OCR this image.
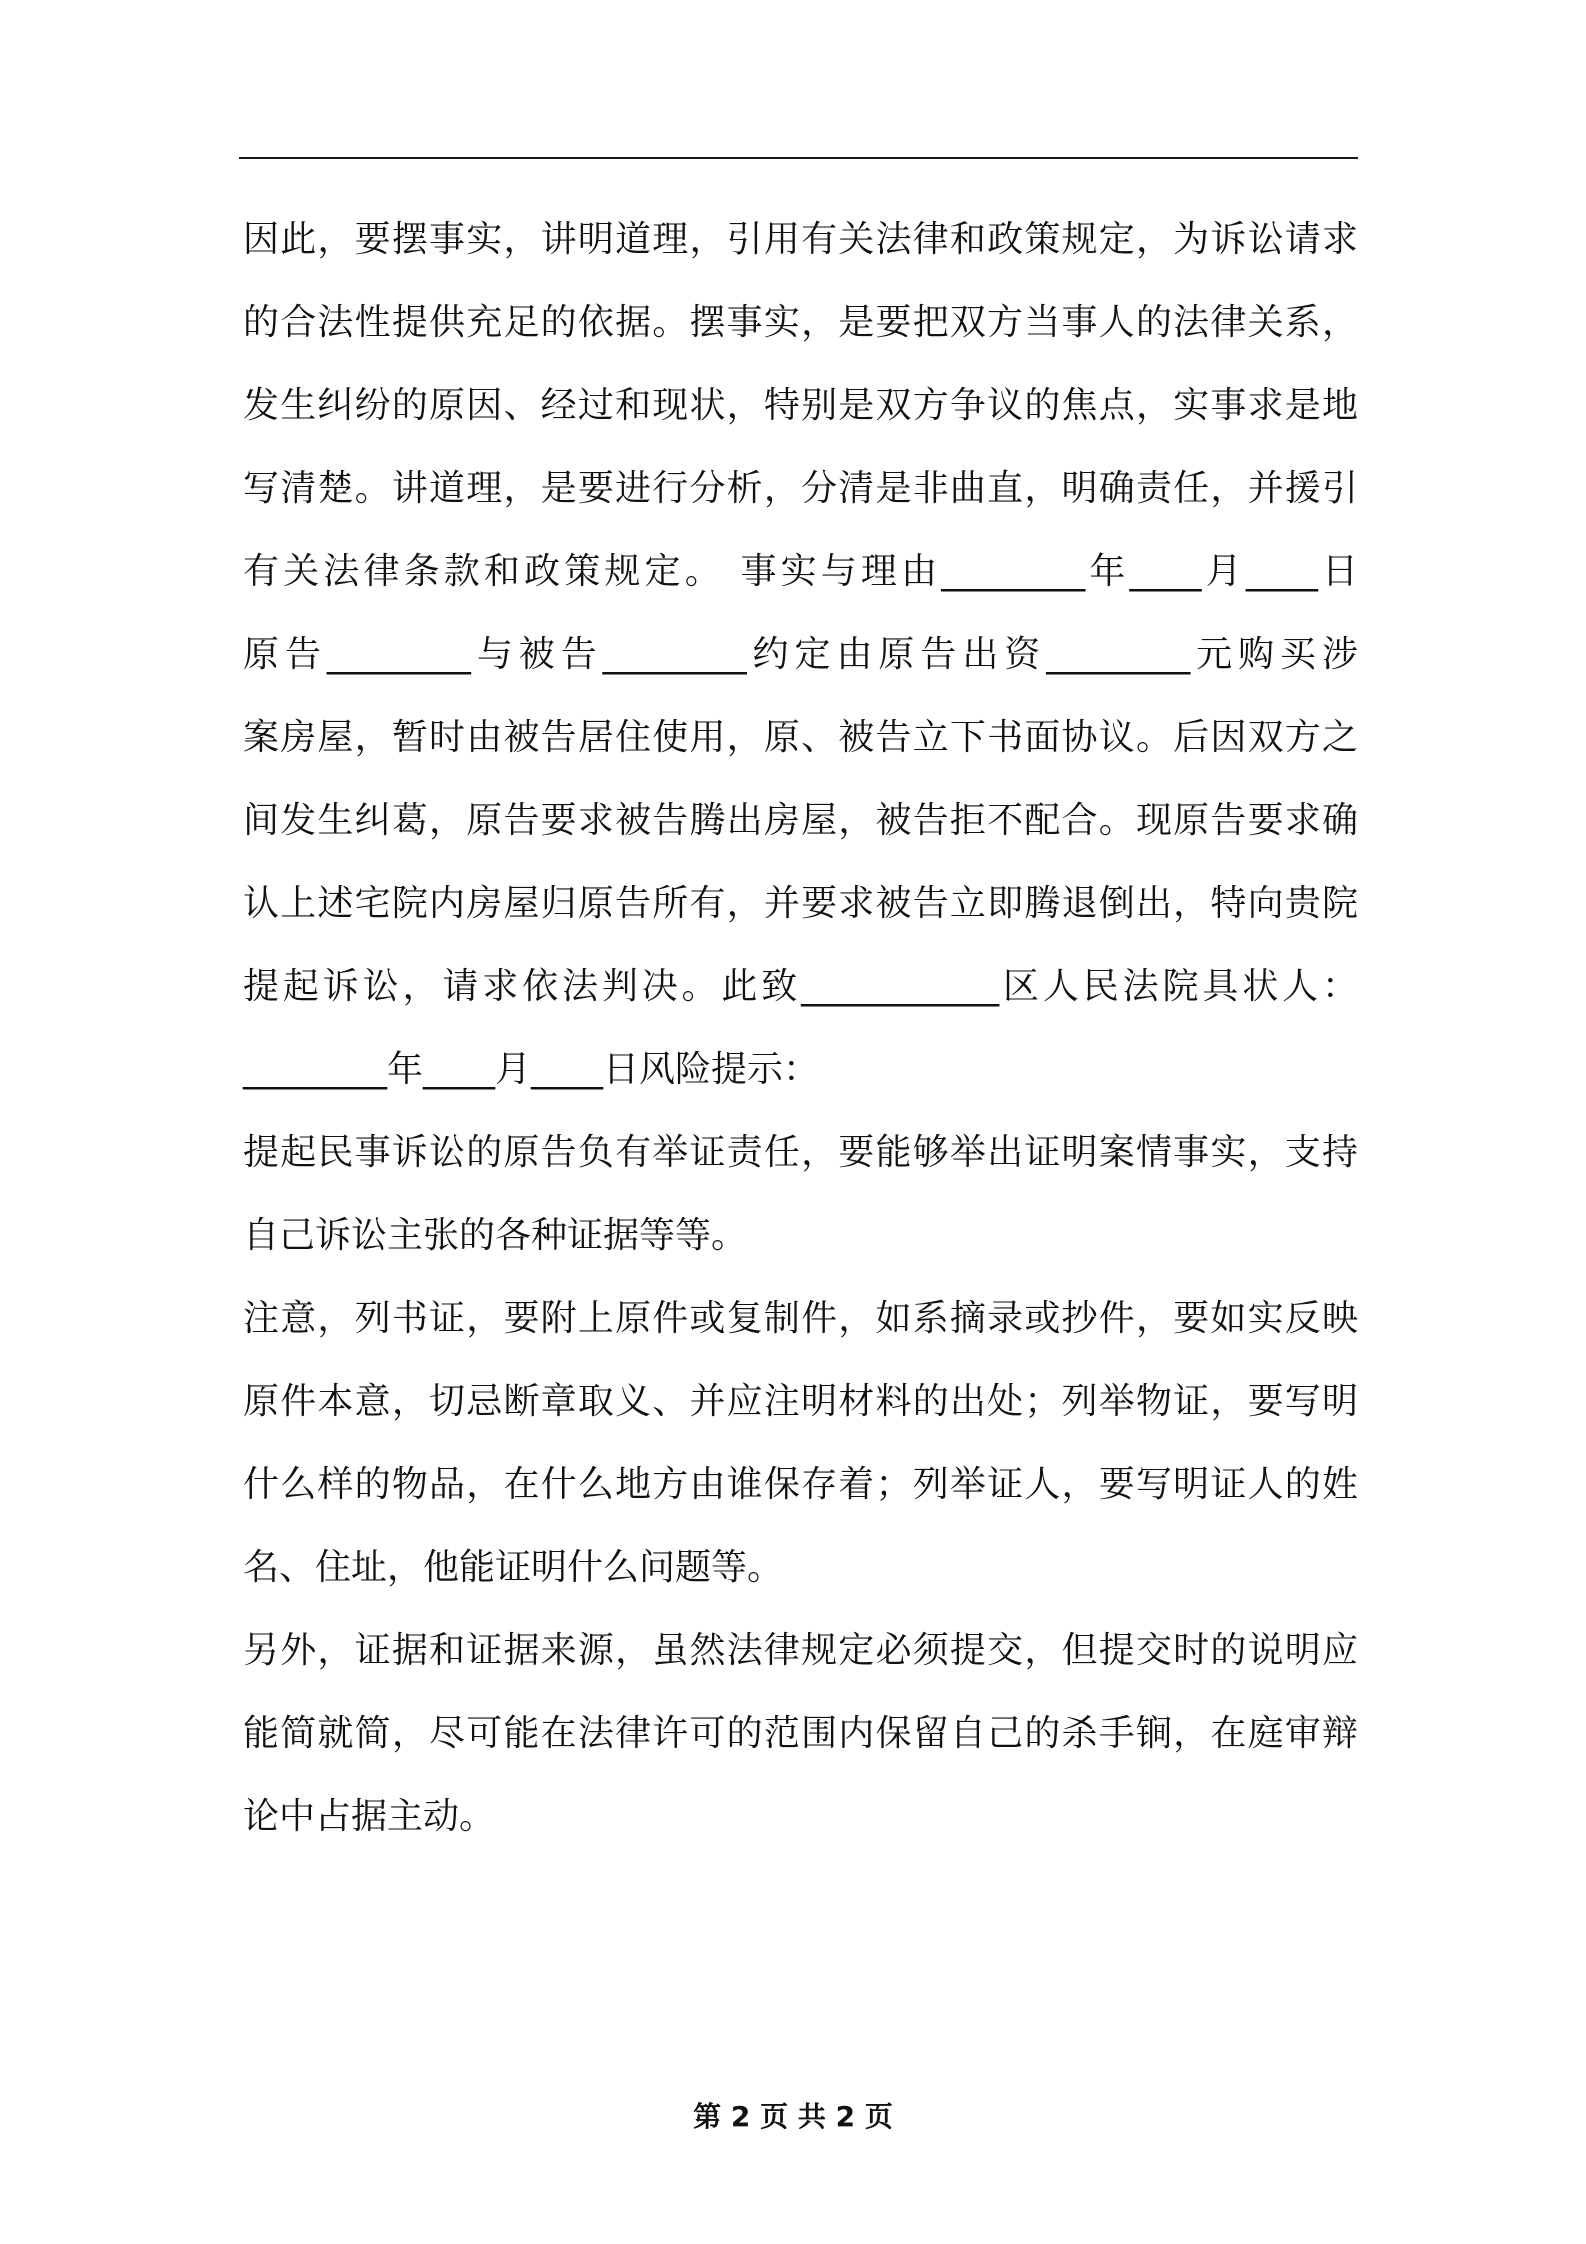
因此，要摆事实，讲明道理，引用有关法律和政策规定，为诉讼请求
的合法性提供充足的依据。摆事实，是要把双方当事人的法律关系，
发生纠纷的原因、经过和现状，特别是双方争议的焦点，实事求是地
写清楚。讲道理，是要进行分析，分清是非曲直，明确责任，并援引
有关法律条款和政策规定。 事实与理由________年____月____日
原告________与被告________约定由原告出资________元购买涉
案房屋，暂时由被告居住使用，原、被告立下书面协议。后因双方之
间发生纠葛，原告要求被告腾出房屋，被告拒不配合。现原告要求确
认上述宅院内房屋归原告所有，并要求被告立即腾退倒出，特向贵院
提起诉讼，请求依法判决。此致___________区人民法院具状人：
________年____月____日风险提示：
提起民事诉讼的原告负有举证责任，要能够举出证明案情事实，支持
自己诉讼主张的各种证据等等。
注意，列书证，要附上原件或复制件，如系摘录或抄件，要如实反映
原件本意，切忌断章取义、并应注明材料的出处；列举物证，要写明
什么样的物品，在什么地方由谁保存着；列举证人，要写明证人的姓
名、住址，他能证明什么问题等。
另外，证据和证据来源，虽然法律规定必须提交，但提交时的说明应
能简就简，尽可能在法律许可的范围内保留自己的杀手锏，在庭审辩
论中占据主动。
第 2 页 共 2 页
